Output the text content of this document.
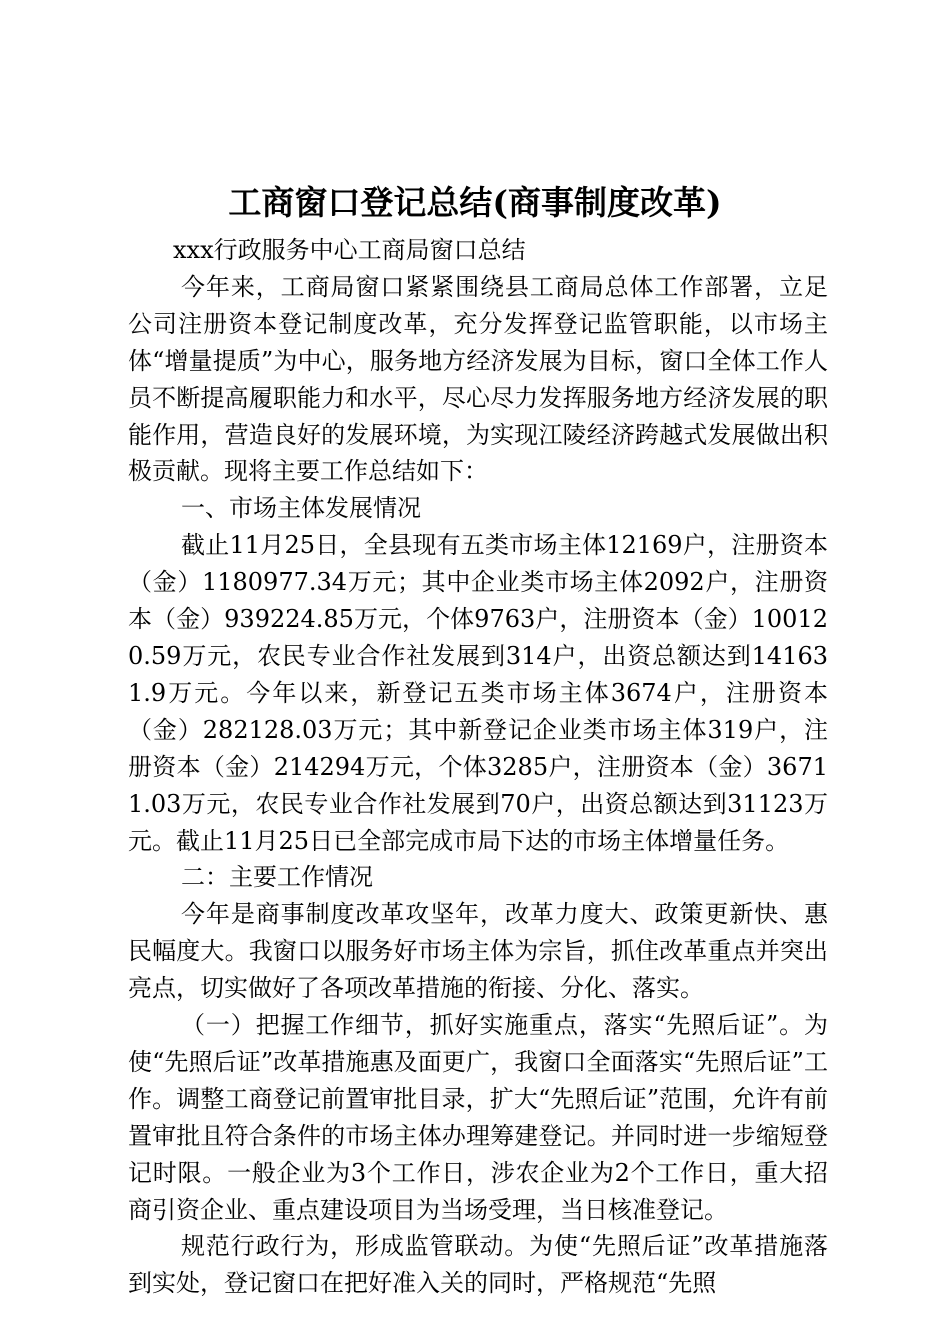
工商窗口登记总结(商事制度改革)

xxx行政服务中心工商局窗口总结

今年来，工商局窗口紧紧围绕县工商局总体工作部署，立足公司注册资本登记制度改革，充分发挥登记监管职能，以市场主体“增量提质”为中心，服务地方经济发展为目标，窗口全体工作人员不断提高履职能力和水平，尽心尽力发挥服务地方经济发展的职能作用，营造良好的发展环境，为实现江陵经济跨越式发展做出积极贡献。现将主要工作总结如下：

一、市场主体发展情况

截止11月25日，全县现有五类市场主体12169户，注册资本（金）1180977.34万元；其中企业类市场主体2092户，注册资本（金）939224.85万元，个体9763户，注册资本（金）100120.59万元，农民专业合作社发展到314户，出资总额达到141631.9万元。今年以来，新登记五类市场主体3674户，注册资本（金）282128.03万元；其中新登记企业类市场主体319户，注册资本（金）214294万元，个体3285户，注册资本（金）36711.03万元，农民专业合作社发展到70户，出资总额达到31123万元。截止11月25日已全部完成市局下达的市场主体增量任务。

二：主要工作情况

今年是商事制度改革攻坚年，改革力度大、政策更新快、惠民幅度大。我窗口以服务好市场主体为宗旨，抓住改革重点并突出亮点，切实做好了各项改革措施的衔接、分化、落实。

（一）把握工作细节，抓好实施重点，落实“先照后证”。为使“先照后证”改革措施惠及面更广，我窗口全面落实“先照后证”工作。调整工商登记前置审批目录，扩大“先照后证”范围，允许有前置审批且符合条件的市场主体办理筹建登记。并同时进一步缩短登记时限。一般企业为3个工作日，涉农企业为2个工作日，重大招商引资企业、重点建设项目为当场受理，当日核准登记。

规范行政行为，形成监管联动。为使“先照后证”改革措施落到实处，登记窗口在把好准入关的同时，严格规范“先照
